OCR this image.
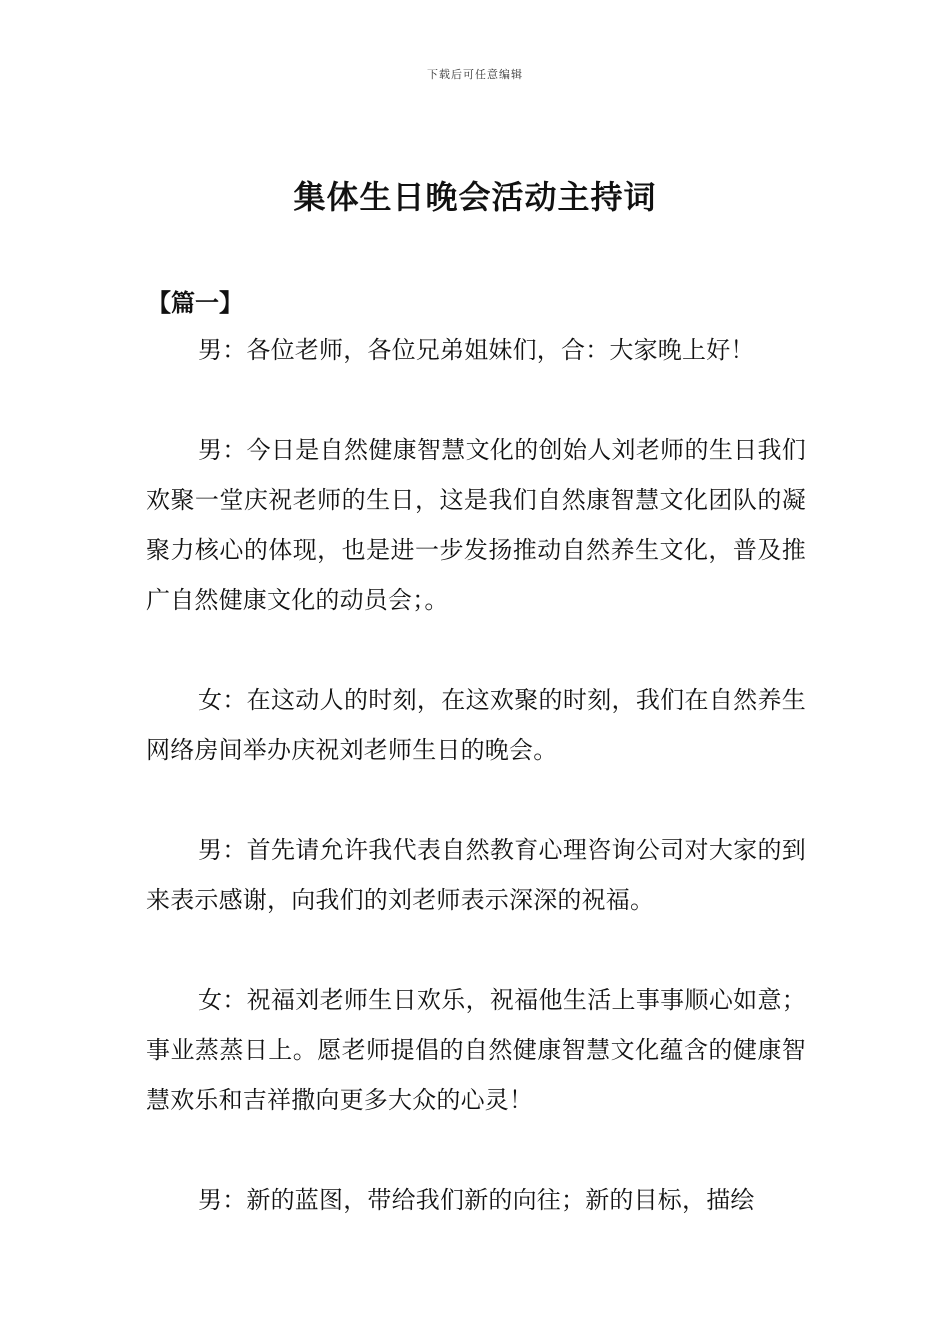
下载后可任意编辑
集体生日晚会活动主持词
【篇一】

男：各位老师，各位兄弟姐妹们，合：大家晚上好！

男：今日是自然健康智慧文化的创始人刘老师的生日我们欢聚一堂庆祝老师的生日，这是我们自然康智慧文化团队的凝聚力核心的体现，也是进一步发扬推动自然养生文化，普及推广自然健康文化的动员会；。

女：在这动人的时刻，在这欢聚的时刻，我们在自然养生网络房间举办庆祝刘老师生日的晚会。

男：首先请允许我代表自然教育心理咨询公司对大家的到来表示感谢，向我们的刘老师表示深深的祝福。

女：祝福刘老师生日欢乐，祝福他生活上事事顺心如意；事业蒸蒸日上。愿老师提倡的自然健康智慧文化蕴含的健康智慧欢乐和吉祥撒向更多大众的心灵！

男：新的蓝图，带给我们新的向往；新的目标，描绘
